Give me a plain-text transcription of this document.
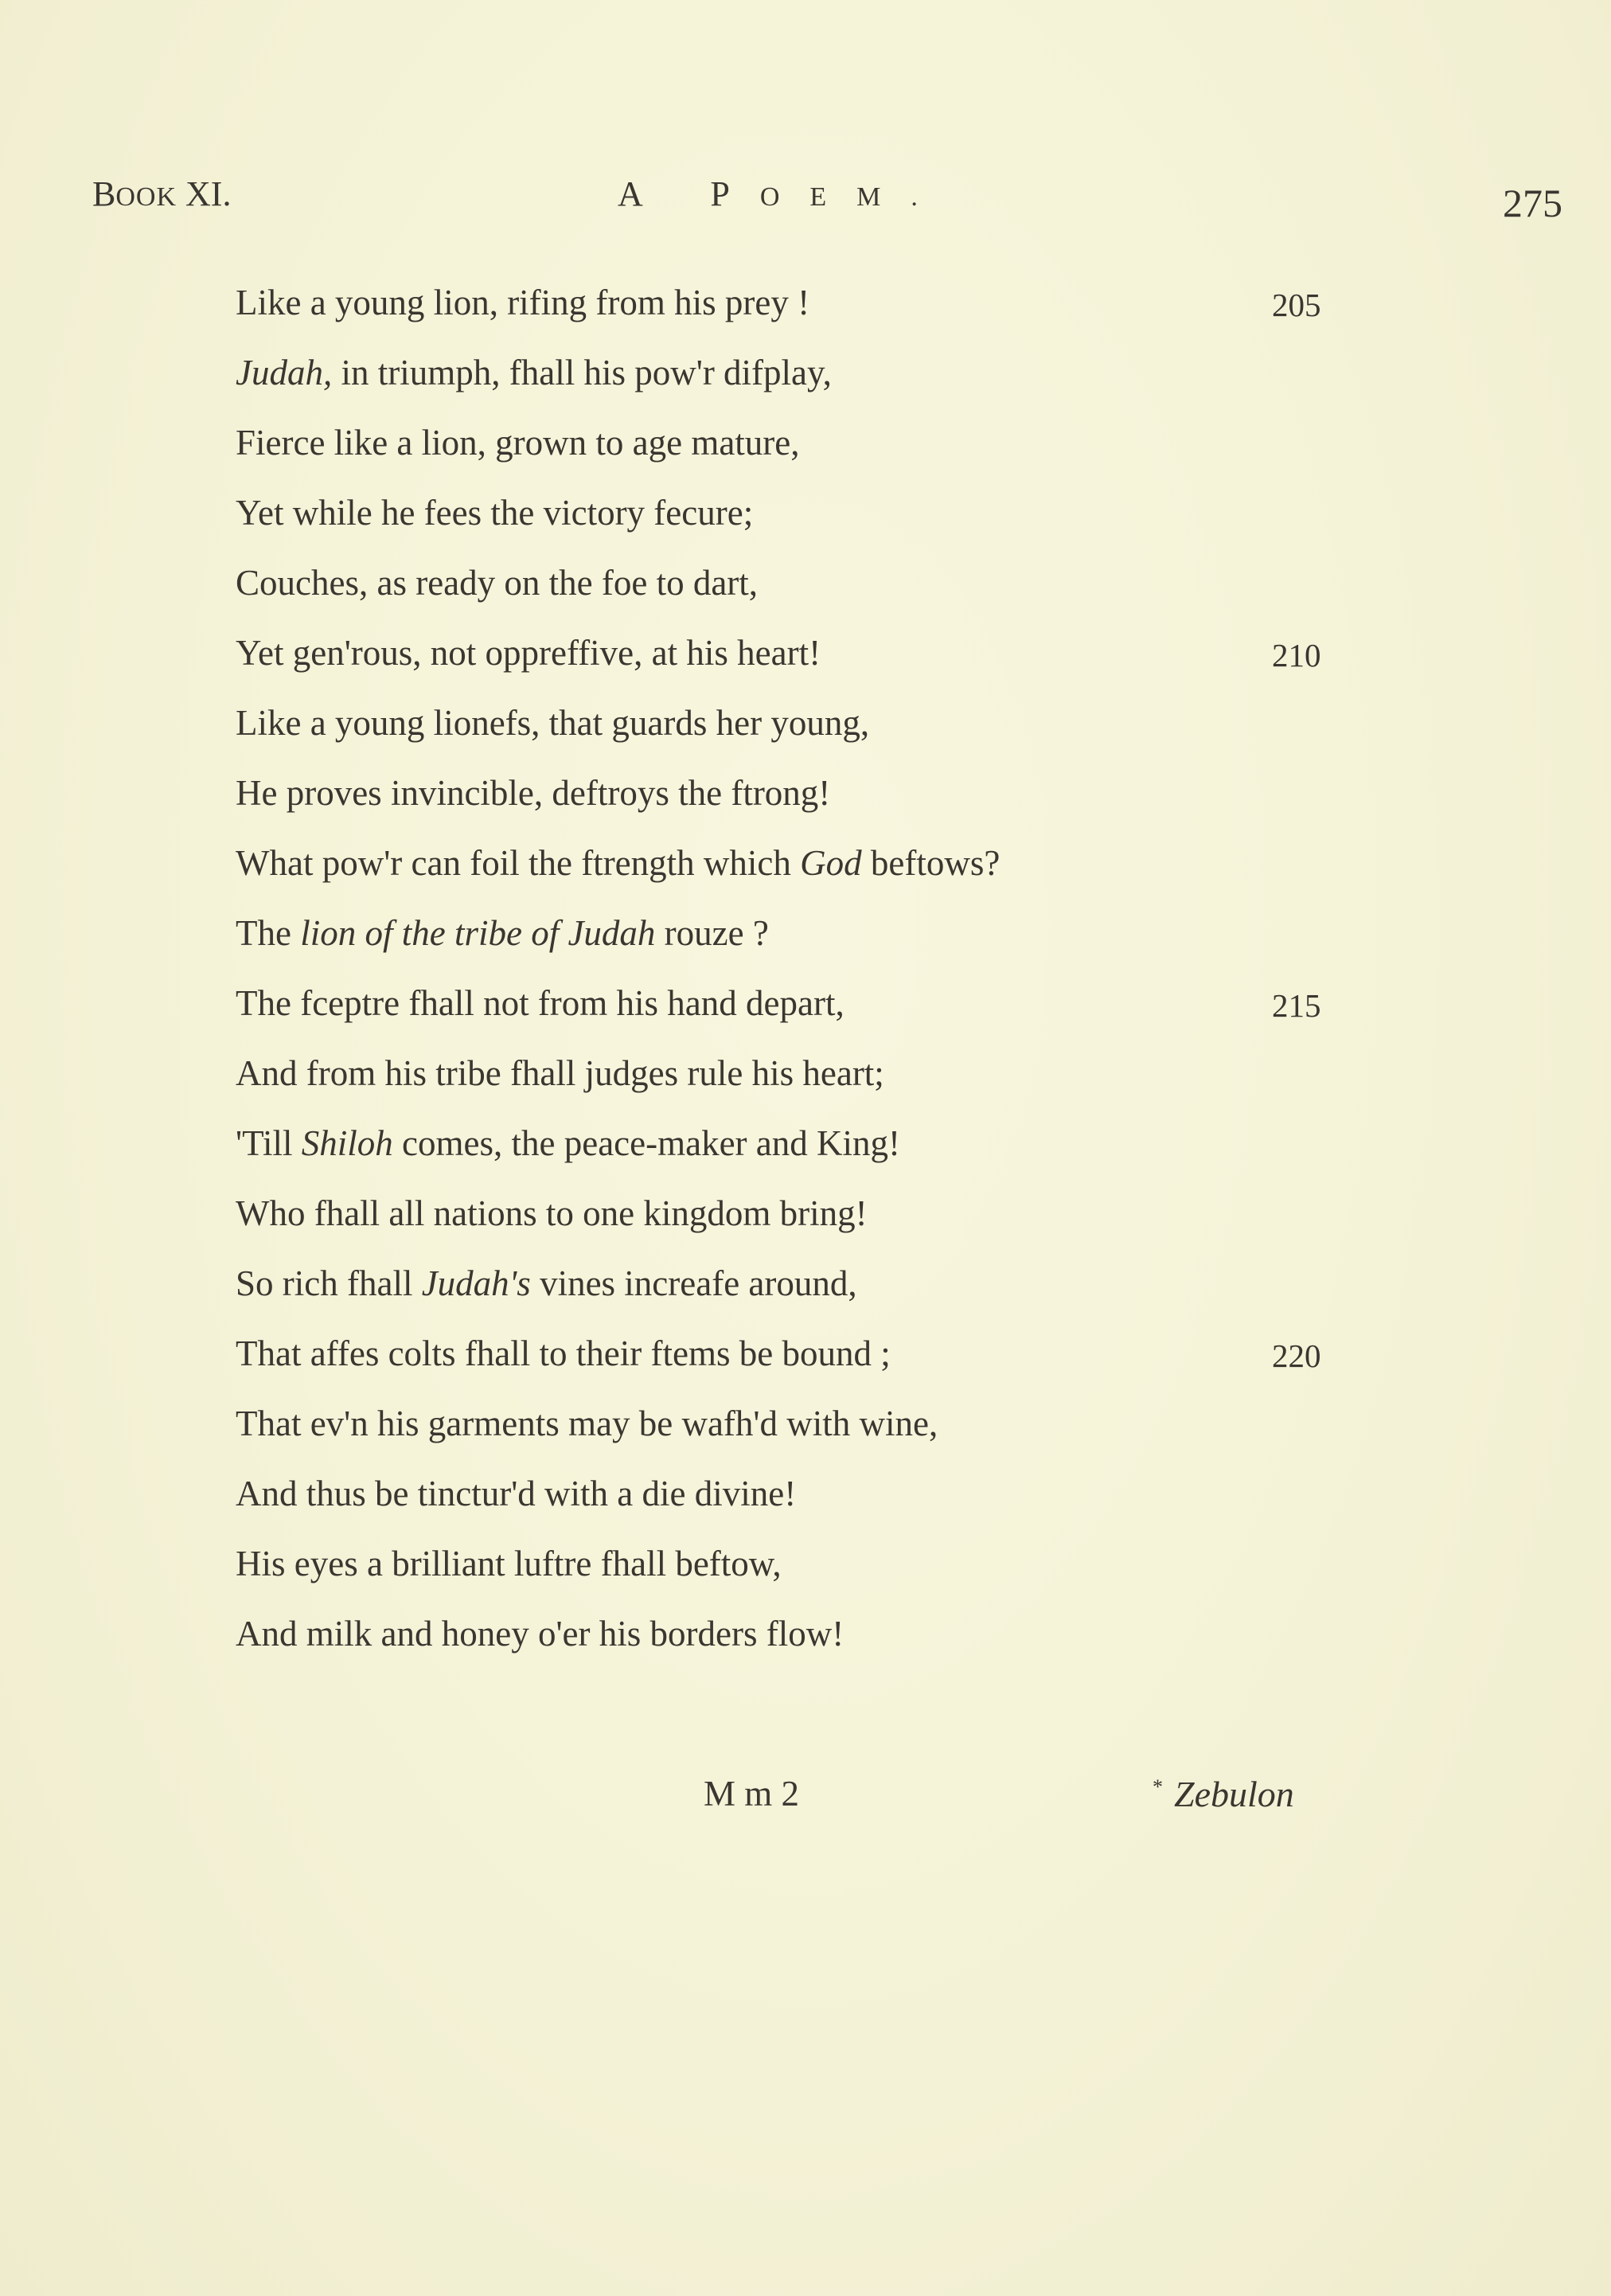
BOOK XI.	A POEM.	275
Like a young lion, rifing from his prey !	205
Judah, in triumph, fhall his pow'r difplay,
Fierce like a lion, grown to age mature,
Yet while he fees the victory fecure;
Couches, as ready on the foe to dart,
Yet gen'rous, not oppreffive, at his heart!	210
Like a young lionefs, that guards her young,
He proves invincible, deftroys the ftrong!
What pow'r can foil the ftrength which God beftows?
The lion of the tribe of Judah rouze ?
The fceptre fhall not from his hand depart,	215
And from his tribe fhall judges rule his heart;
'Till Shiloh comes, the peace-maker and King!
Who fhall all nations to one kingdom bring!
So rich fhall Judah's vines increafe around,
That affes colts fhall to their ftems be bound ;	220
That ev'n his garments may be wafh'd with wine,
And thus be tinctur'd with a die divine!
His eyes a brilliant luftre fhall beftow,
And milk and honey o'er his borders flow!
M m 2	* Zebulon
